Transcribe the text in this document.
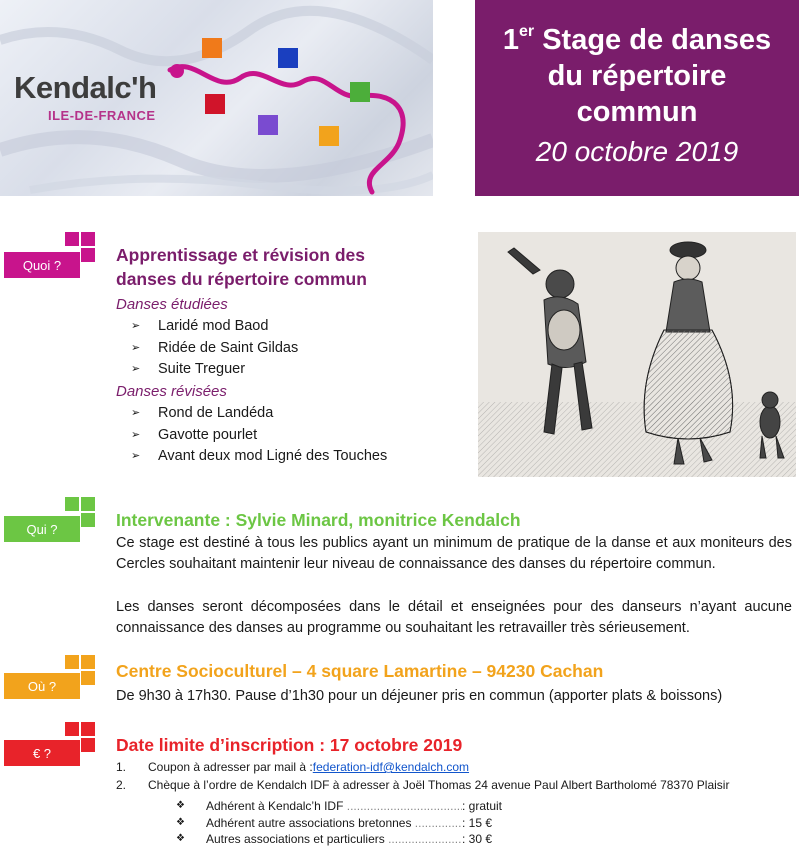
Kendalc'h
ILE-DE-FRANCE
1er Stage de danses
du répertoire
commun
20 octobre 2019
Quoi ?	Apprentissage et révision des
danses du répertoire commun
Danses étudiées
➢ Laridé mod Baod
➢ Ridée de Saint Gildas
➢ Suite Treguer
Danses révisées
➢ Rond de Landéda
➢ Gavotte pourlet
➢ Avant deux mod Ligné des Touches
Qui ?	Intervenante : Sylvie Minard, monitrice Kendalch
Ce stage est destiné à tous les publics ayant un minimum de pratique de la danse et aux moniteurs des Cercles souhaitant maintenir leur niveau de connaissance des danses du répertoire commun.
Les danses seront décomposées dans le détail et enseignées pour des danseurs n’ayant aucune connaissance des danses au programme ou souhaitant les retravailler très sérieusement.
Où ?
Centre Socioculturel – 4 square Lamartine – 94230 Cachan
De 9h30 à 17h30. Pause d’1h30 pour un déjeuner pris en commun (apporter plats & boissons)
€ ?	Date limite d’inscription : 17 octobre 2019
1.	Coupon à adresser par mail à : federation-idf@kendalch.com
2.	Chèque à l’ordre de Kendalch IDF à adresser à Joël Thomas 24 avenue Paul Albert Bartholomé 78370 Plaisir
❖	Adhérent à Kendalc’h IDF .....	: gratuit
❖	Adhérent autre associations bretonnes .....	: 15 €
❖	Autres associations et particuliers .....	: 30 €
